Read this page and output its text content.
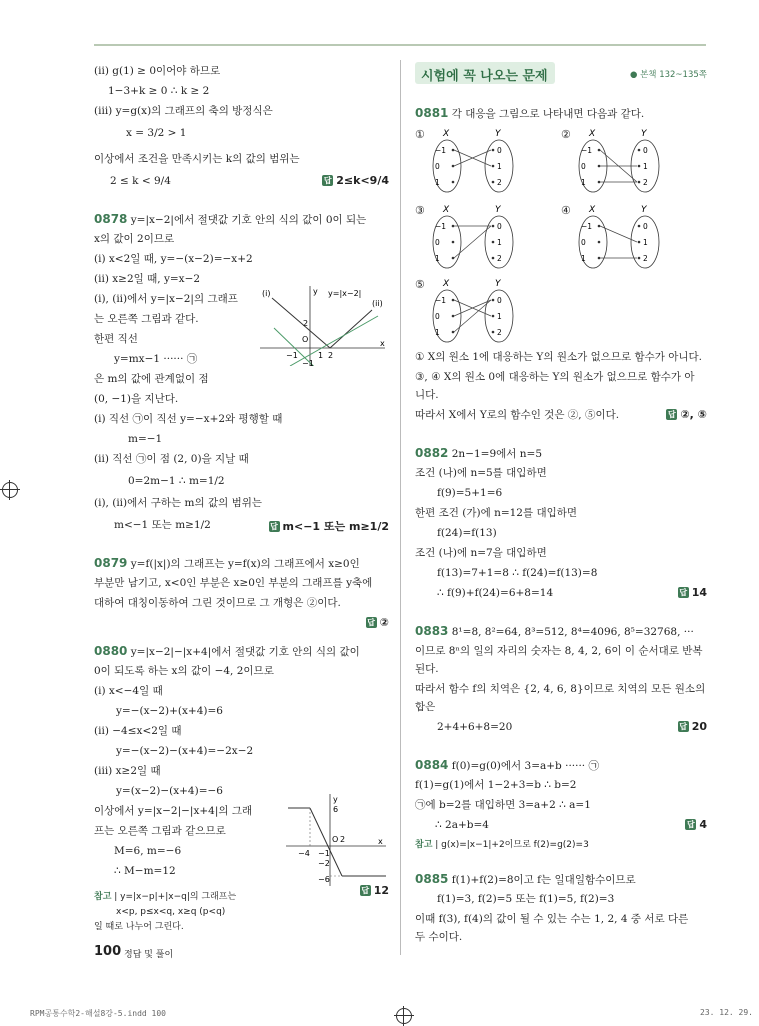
(ii) g(1) ≥ 0이어야 하므로
1−3+k ≥ 0 ∴ k ≥ 2
(iii) y=g(x)의 그래프의 축의 방정식은
x = 3/2 > 1
이상에서 조건을 만족시키는 k의 값의 범위는
2 ≤ k < 9/4	답 2≤k<9/4
0878 y=|x−2|에서 절댓값 기호 안의 식의 값이 0이 되는
x의 값이 2이므로
(i) x<2일 때, y=−(x−2)=−x+2
(ii) x≥2일 때, y=x−2
(i), (ii)에서 y=|x−2|의 그래프
는 오른쪽 그림과 같다.
한편 직선
y=mx−1 ······ ㉠
은 m의 값에 관계없이 점
(0, −1)을 지난다.
(i) 직선 ㉠이 직선 y=−x+2와 평행할 때
m=−1
(ii) 직선 ㉠이 점 (2, 0)을 지날 때
0=2m−1 ∴ m=1/2
(i), (ii)에서 구하는 m의 값의 범위는
m<−1 또는 m≥1/2	답 m<−1 또는 m≥1/2
(i)
(ii)
y=|x−2|
y
x
O
2
−1	1 2
−1
0879 y=f(|x|)의 그래프는 y=f(x)의 그래프에서 x≥0인
부분만 남기고, x<0인 부분은 x≥0인 부분의 그래프를 y축에
대하여 대칭이동하여 그린 것이므로 그 개형은 ②이다.
답 ②
0880 y=|x−2|−|x+4|에서 절댓값 기호 안의 식의 값이
0이 되도록 하는 x의 값이 −4, 2이므로
(i) x<−4일 때
y=−(x−2)+(x+4)=6
(ii) −4≤x<2일 때
y=−(x−2)−(x+4)=−2x−2
(iii) x≥2일 때
y=(x−2)−(x+4)=−6
이상에서 y=|x−2|−|x+4|의 그래
프는 오른쪽 그림과 같으므로
M=6, m=−6
∴ M−m=12
답 12
y
6
x
−4 −1
O 2
−2
−6
참고 | y=|x−p|+|x−q|의 그래프는
x<p, p≤x<q, x≥q (p<q)
일 때로 나누어 그린다.
시험에 꼭 나오는 문제	● 본책 132~135쪽
0881 각 대응을 그림으로 나타내면 다음과 같다.
① X	Y
−1
0
1
0
1
2
② X	Y
−1
0
1
0
1
2
③ X	Y
−1
0
1
0
1
2
④ X	Y
−1
0
1
0
1
2
⑤ X	Y
−1
0
1
0
1
2
① X의 원소 1에 대응하는 Y의 원소가 없으므로 함수가 아니다.
③, ④ X의 원소 0에 대응하는 Y의 원소가 없으므로 함수가 아
니다.
따라서 X에서 Y로의 함수인 것은 ②, ⑤이다.	답 ②, ⑤
0882 2n−1=9에서 n=5
조건 (나)에 n=5를 대입하면
f(9)=5+1=6
한편 조건 (가)에 n=12를 대입하면
f(24)=f(13)
조건 (나)에 n=7을 대입하면
f(13)=7+1=8 ∴ f(24)=f(13)=8
∴ f(9)+f(24)=6+8=14	답 14
0883 8¹=8, 8²=64, 8³=512, 8⁴=4096, 8⁵=32768, ···
이므로 8ⁿ의 일의 자리의 숫자는 8, 4, 2, 6이 이 순서대로 반복
된다.
따라서 함수 f의 치역은 {2, 4, 6, 8}이므로 치역의 모든 원소의
합은
2+4+6+8=20	답 20
0884 f(0)=g(0)에서 3=a+b ······ ㉠
f(1)=g(1)에서 1−2+3=b ∴ b=2
㉠에 b=2를 대입하면 3=a+2 ∴ a=1
∴ 2a+b=4	답 4
참고 | g(x)=|x−1|+2이므로 f(2)=g(2)=3
0885 f(1)+f(2)=8이고 f는 일대일함수이므로
f(1)=3, f(2)=5 또는 f(1)=5, f(2)=3
이때 f(3), f(4)의 값이 될 수 있는 수는 1, 2, 4 중 서로 다른
두 수이다.
100 정답 및 풀이
RPM공통수학2-해설8강-5.indd 100	23. 12. 29.
